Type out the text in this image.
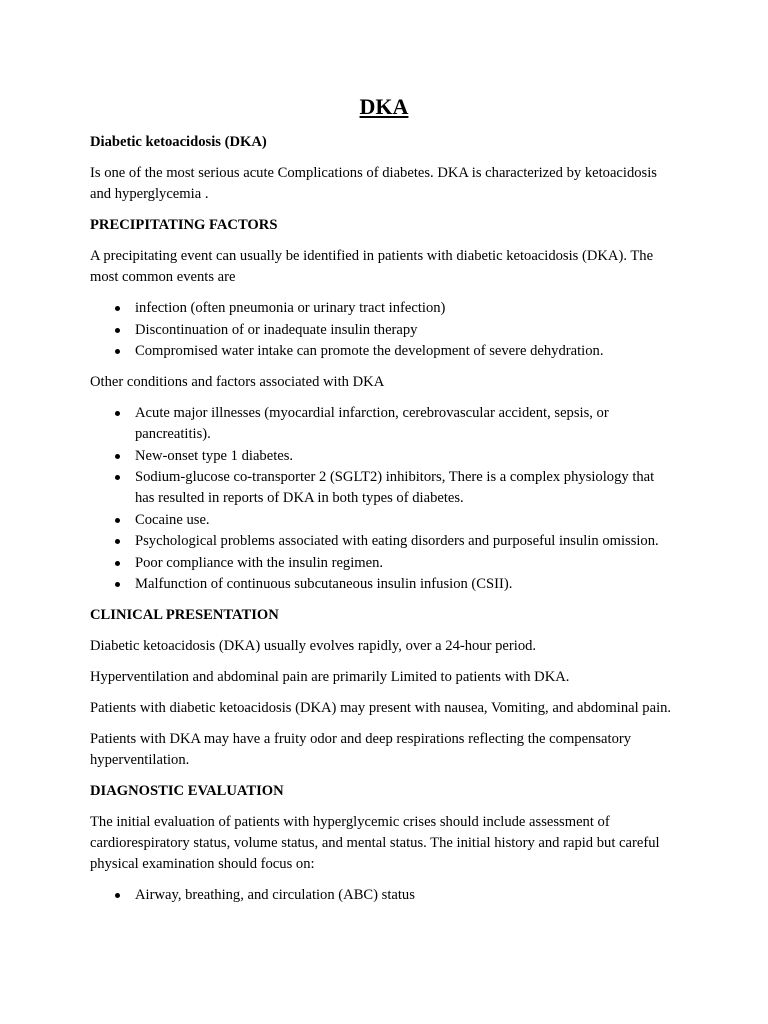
DKA
Diabetic ketoacidosis (DKA)

Is one of the most serious acute Complications of diabetes. DKA is characterized by ketoacidosis and hyperglycemia .

PRECIPITATING FACTORS

A precipitating event can usually be identified in patients with diabetic ketoacidosis (DKA). The most common events are

infection (often pneumonia or urinary tract infection)
Discontinuation of or inadequate insulin therapy
Compromised water intake can promote the development of severe dehydration.

Other conditions and factors associated with DKA

Acute major illnesses (myocardial infarction, cerebrovascular accident, sepsis, or pancreatitis).
New-onset type 1 diabetes.
Sodium-glucose co-transporter 2 (SGLT2) inhibitors, There is a complex physiology that has resulted in reports of DKA in both types of diabetes.
Cocaine use.
Psychological problems associated with eating disorders and purposeful insulin omission.
Poor compliance with the insulin regimen.
Malfunction of continuous subcutaneous insulin infusion (CSII).
CLINICAL PRESENTATION

Diabetic ketoacidosis (DKA) usually evolves rapidly, over a 24-hour period.

Hyperventilation and abdominal pain are primarily Limited to patients with DKA.

Patients with diabetic ketoacidosis (DKA) may present with nausea, Vomiting, and abdominal pain.

Patients with DKA may have a fruity odor and deep respirations reflecting the compensatory hyperventilation.

DIAGNOSTIC EVALUATION

The initial evaluation of patients with hyperglycemic crises should include assessment of cardiorespiratory status, volume status, and mental status. The initial history and rapid but careful physical examination should focus on:

Airway, breathing, and circulation (ABC) status
